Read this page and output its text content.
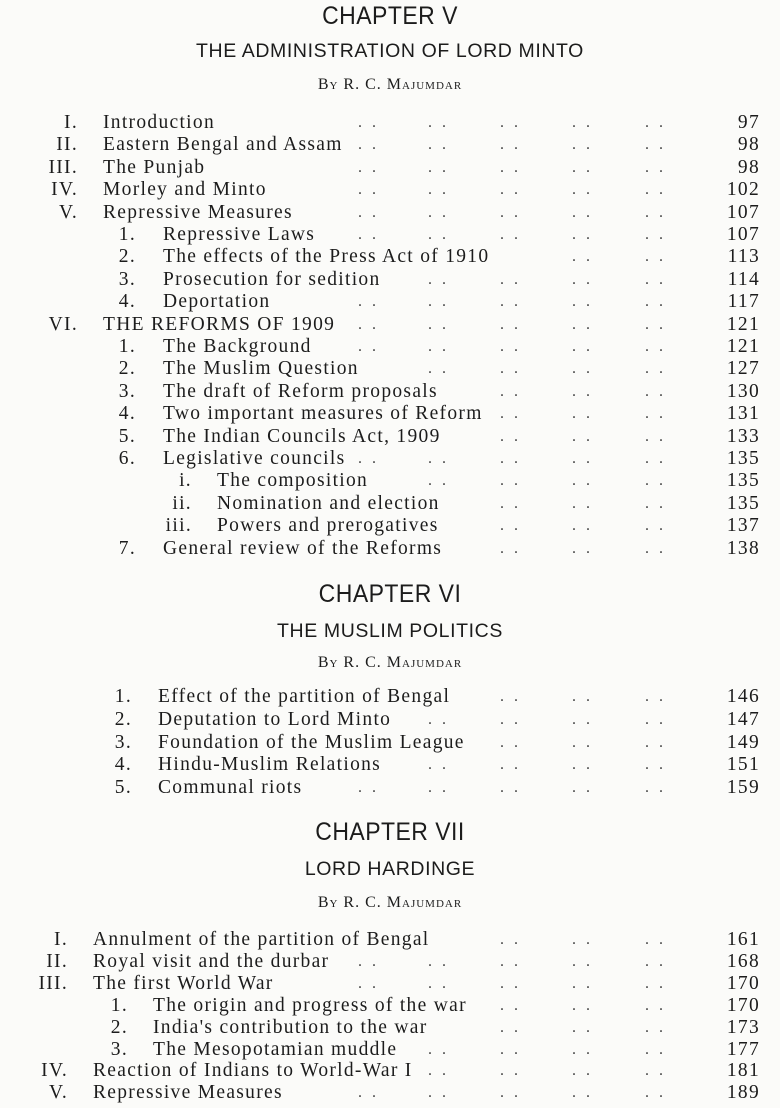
CHAPTER V
THE ADMINISTRATION OF LORD MINTO
By R. C. Majumdar
I. Introduction	. .	. .	. .	. .	. .	97
II. Eastern Bengal and Assam . .	. .	. .	. .	. .	98
III. The Punjab	. .	. .	. .	. .	. .	98
IV. Morley and Minto	. .	. .	. .	. .	. .	102
V. Repressive Measures	. .	. .	. .	. .	. .	107
1. Repressive Laws	. .	. .	. .	. .	. .	107
2. The effects of the Press Act of 1910	. .	. .	113
3. Prosecution for sedition	. .	. .	. .	. .	114
4. Deportation	. .	. .	. .	. .	. .	117
VI. THE REFORMS OF 1909 . .	. .	. .	. .	. .	121
1. The Background	. .	. .	. .	. .	. .	121
2. The Muslim Question	. .	. .	. .	. .	127
3. The draft of Reform proposals	. .	. .	. .	130
4. Two important measures of Reform . .	. .	. .	131
5. The Indian Councils Act, 1909	. .	. .	. .	133
6. Legislative councils . .	. .	. .	. .	. .	135
i. The composition	. .	. .	. .	. .	135
ii. Nomination and election	. .	. .	. .	135
iii. Powers and prerogatives	. .	. .	. .	137
7. General review of the Reforms	. .	. .	. .	138
CHAPTER VI
THE MUSLIM POLITICS
By R. C. Majumdar
1. Effect of the partition of Bengal	. .	. .	. .	146
2. Deputation to Lord Minto . .	. .	. .	. .	147
3. Foundation of the Muslim League . .	. .	. .	149
4. Hindu-Muslim Relations	. .	. .	. .	. .	151
5. Communal riots	. .	. .	. .	. .	. .	159
CHAPTER VII
LORD HARDINGE
By R. C. Majumdar
I. Annulment of the partition of Bengal	. .	. .	. .	161
II. Royal visit and the durbar . .	. .	. .	. .	. .	168
III. The first World War	. .	. .	. .	. .	. .	170
1. The origin and progress of the war . .	. .	. .	170
2. India's contribution to the war	. .	. .	. .	173
3. The Mesopotamian muddle . .	. .	. .	. .	177
IV. Reaction of Indians to World-War I . .	. .	. .	. .	181
V. Repressive Measures	. .	. .	. .	. .	. .	189
